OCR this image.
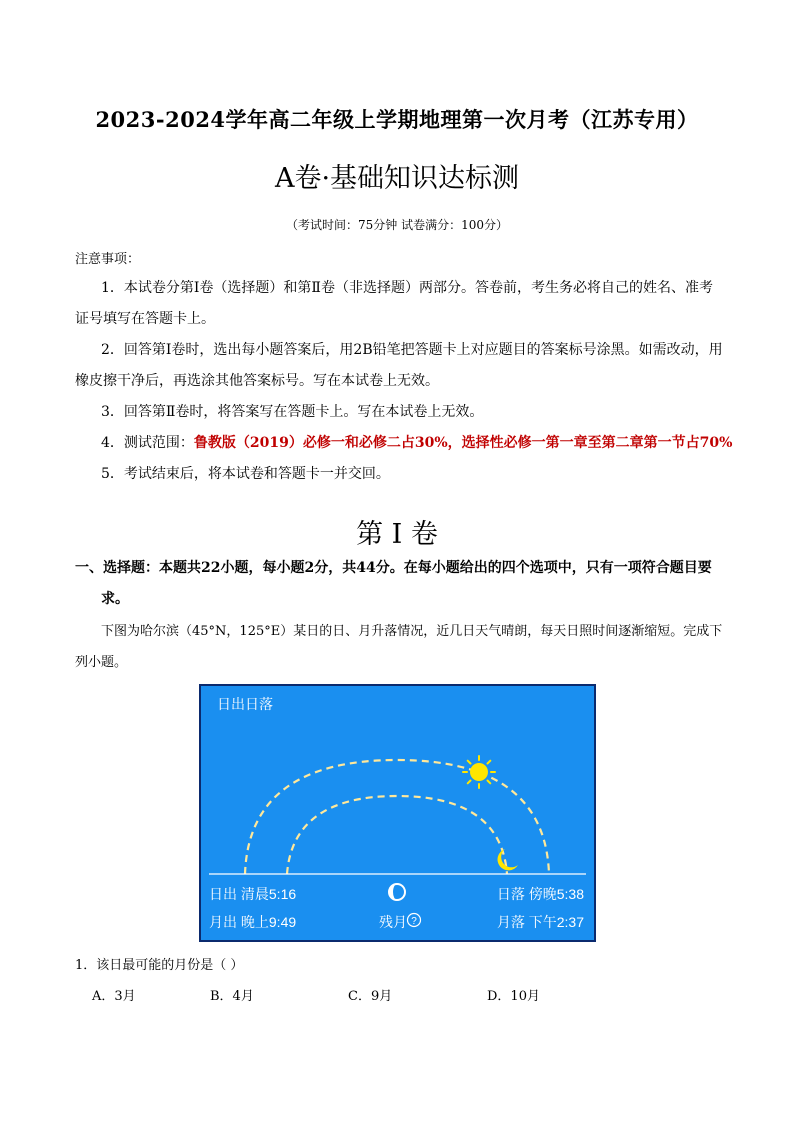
2023-2024学年高二年级上学期地理第一次月考（江苏专用）
A卷·基础知识达标测
（考试时间：75分钟 试卷满分：100分）
注意事项：
1．本试卷分第Ⅰ卷（选择题）和第Ⅱ卷（非选择题）两部分。答卷前，考生务必将自己的姓名、准考证号填写在答题卡上。
2．回答第Ⅰ卷时，选出每小题答案后，用2B铅笔把答题卡上对应题目的答案标号涂黑。如需改动，用橡皮擦干净后，再选涂其他答案标号。写在本试卷上无效。
3．回答第Ⅱ卷时，将答案写在答题卡上。写在本试卷上无效。
4．测试范围：鲁教版（2019）必修一和必修二占30%，选择性必修一第一章至第二章第一节占70%
5．考试结束后，将本试卷和答题卡一并交回。
第 I 卷
一、选择题：本题共22小题，每小题2分，共44分。在每小题给出的四个选项中，只有一项符合题目要
求。
下图为哈尔滨（45°N，125°E）某日的日、月升落情况，近几日天气晴朗，每天日照时间逐渐缩短。完成下列小题。
?
日出日落
日出 清晨5:16	日落 傍晚5:38
月出 晚上9:49	残月	月落 下午2:37
1．该日最可能的月份是（ ）
A．3月	B．4月	C．9月	D．10月
